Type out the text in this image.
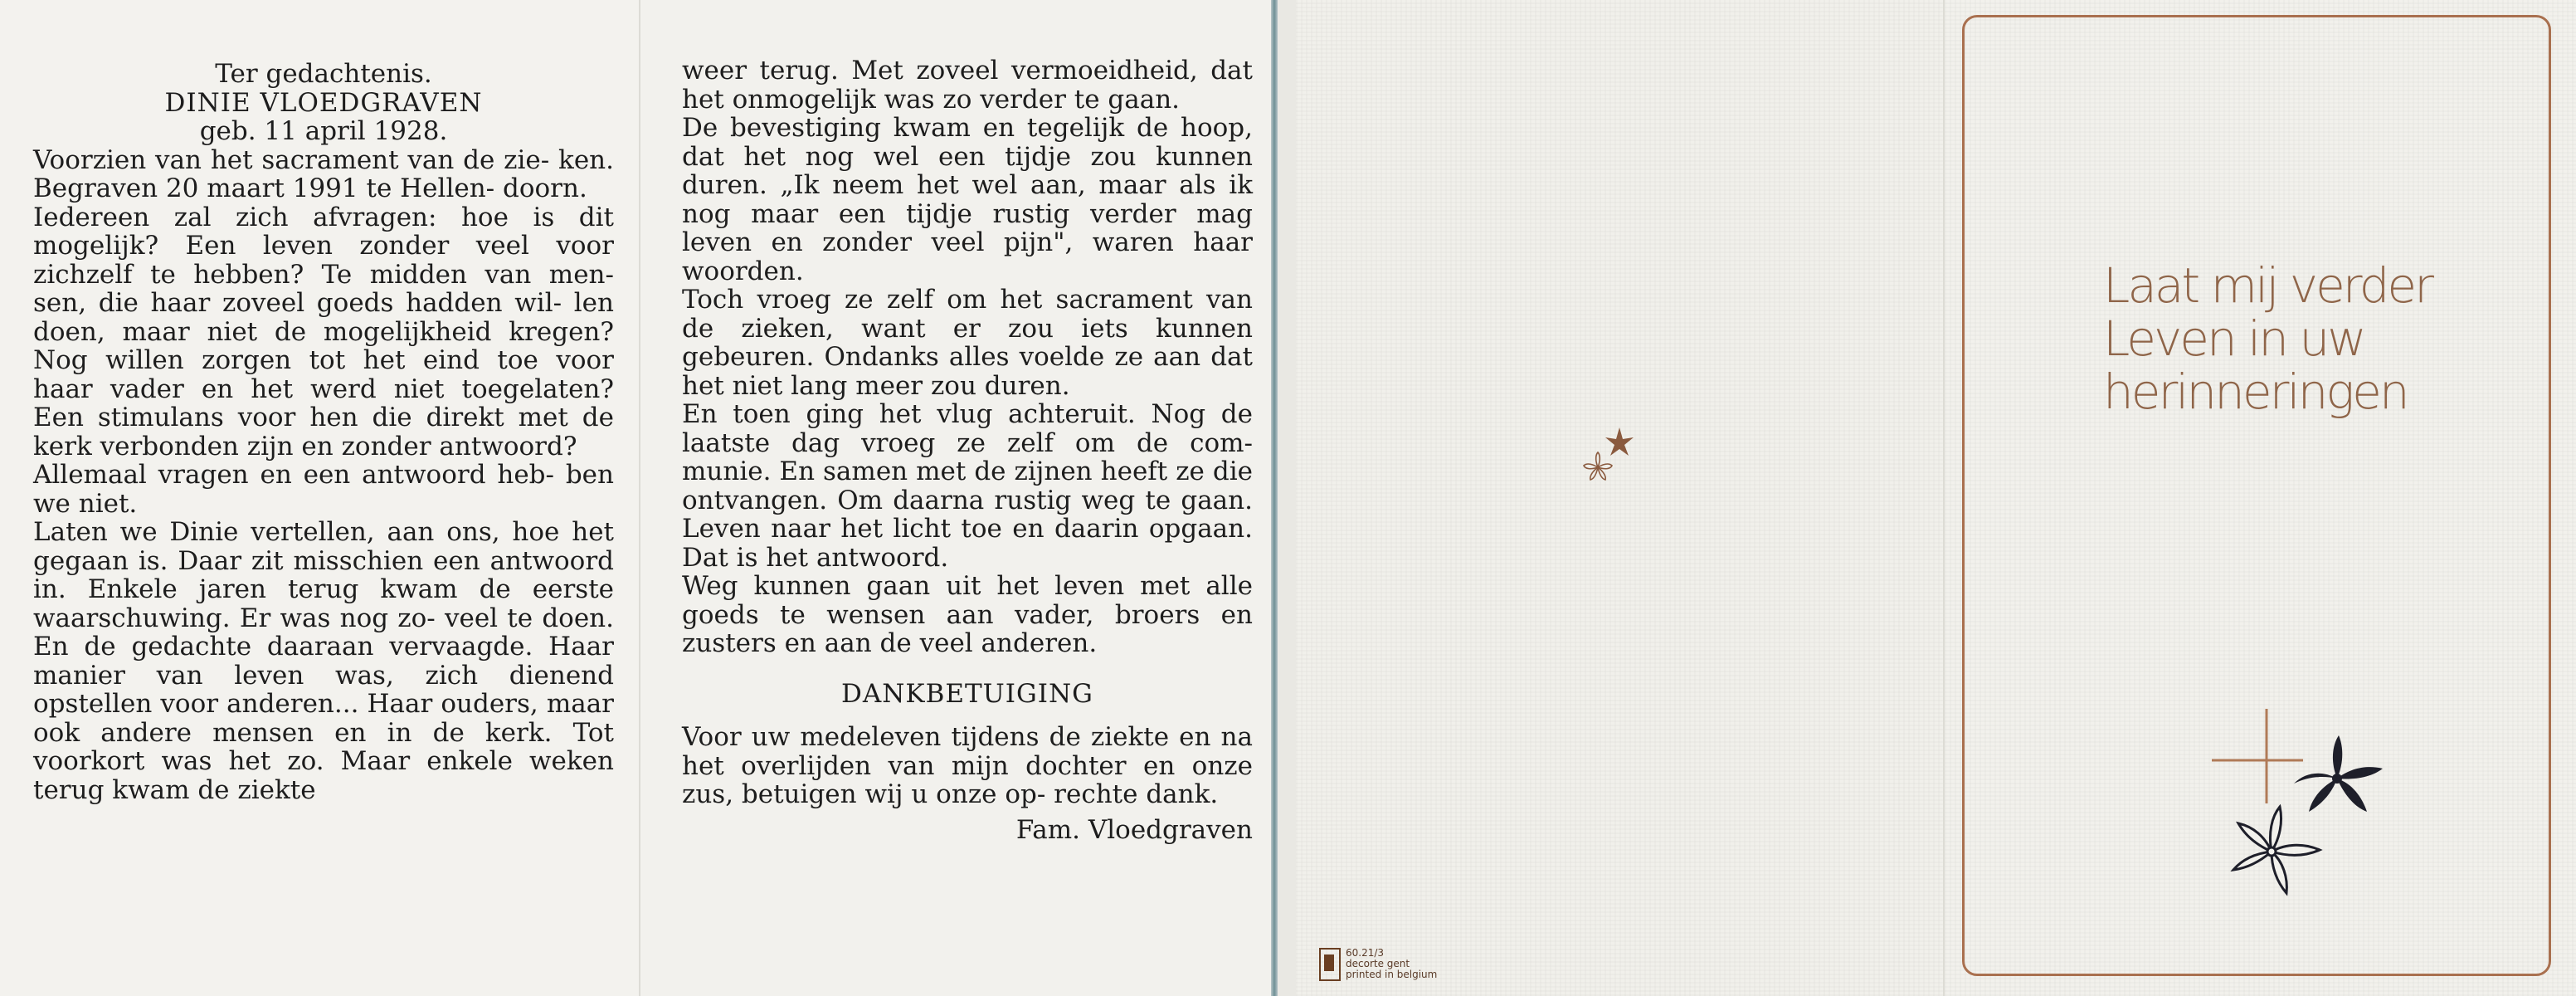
Ter gedachtenis.

DINIE VLOEDGRAVEN

geb. 11 april 1928.

Voorzien van het sacrament van de zie- ken. Begraven 20 maart 1991 te Hellen- doorn.

Iedereen zal zich afvragen: hoe is dit mogelijk? Een leven zonder veel voor zichzelf te hebben? Te midden van men- sen, die haar zoveel goeds hadden wil- len doen, maar niet de mogelijkheid kregen? Nog willen zorgen tot het eind toe voor haar vader en het werd niet toegelaten? Een stimulans voor hen die direkt met de kerk verbonden zijn en zonder antwoord?

Allemaal vragen en een antwoord heb- ben we niet.

Laten we Dinie vertellen, aan ons, hoe het gegaan is. Daar zit misschien een antwoord in. Enkele jaren terug kwam de eerste waarschuwing. Er was nog zo- veel te doen. En de gedachte daaraan vervaagde. Haar manier van leven was, zich dienend opstellen voor anderen... Haar ouders, maar ook andere mensen en in de kerk. Tot voorkort was het zo. Maar enkele weken terug kwam de ziekte

weer terug. Met zoveel vermoeidheid, dat het onmogelijk was zo verder te gaan.

De bevestiging kwam en tegelijk de hoop, dat het nog wel een tijdje zou kunnen duren. „Ik neem het wel aan, maar als ik nog maar een tijdje rustig verder mag leven en zonder veel pijn", waren haar woorden.

Toch vroeg ze zelf om het sacrament van de zieken, want er zou iets kunnen gebeuren. Ondanks alles voelde ze aan dat het niet lang meer zou duren.

En toen ging het vlug achteruit. Nog de laatste dag vroeg ze zelf om de com- munie. En samen met de zijnen heeft ze die ontvangen. Om daarna rustig weg te gaan. Leven naar het licht toe en daarin opgaan. Dat is het antwoord.

Weg kunnen gaan uit het leven met alle goeds te wensen aan vader, broers en zusters en aan de veel anderen.

DANKBETUIGING

Voor uw medeleven tijdens de ziekte en na het overlijden van mijn dochter en onze zus, betuigen wij u onze op- rechte dank.

Fam. Vloedgraven

60.21/3
decorte gent
printed in belgium
Laat mij verder
Leven in uw
herinneringen
